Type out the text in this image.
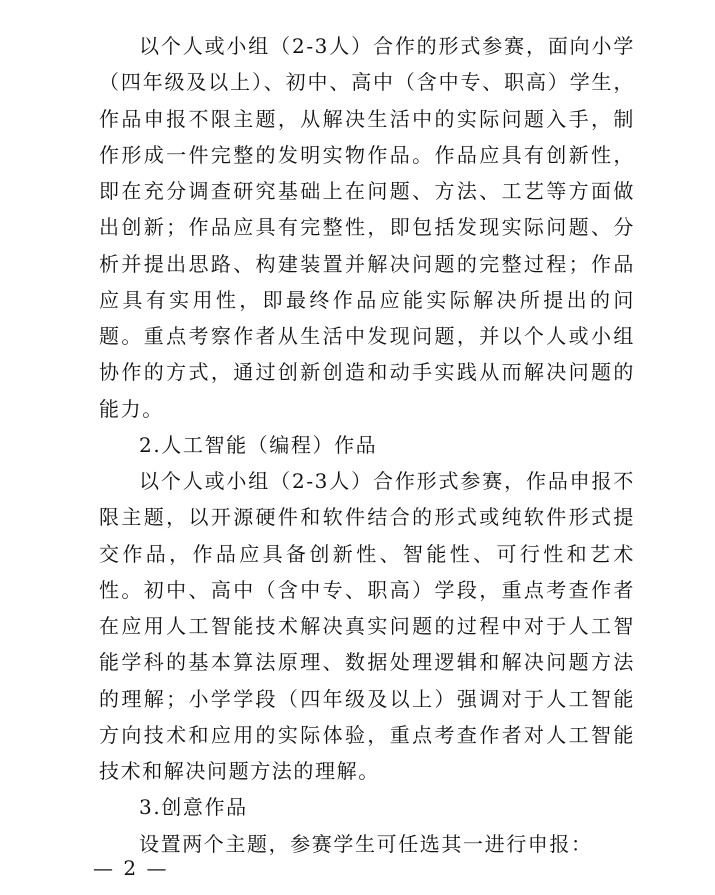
以个人或小组（2-3人）合作的形式参赛，面向小学（四年级及以上）、初中、高中（含中专、职高）学生，作品申报不限主题，从解决生活中的实际问题入手，制作形成一件完整的发明实物作品。作品应具有创新性，即在充分调查研究基础上在问题、方法、工艺等方面做出创新；作品应具有完整性，即包括发现实际问题、分析并提出思路、构建装置并解决问题的完整过程；作品应具有实用性，即最终作品应能实际解决所提出的问题。重点考察作者从生活中发现问题，并以个人或小组协作的方式，通过创新创造和动手实践从而解决问题的能力。

2.人工智能（编程）作品

以个人或小组（2-3人）合作形式参赛，作品申报不限主题，以开源硬件和软件结合的形式或纯软件形式提交作品，作品应具备创新性、智能性、可行性和艺术性。初中、高中（含中专、职高）学段，重点考查作者在应用人工智能技术解决真实问题的过程中对于人工智能学科的基本算法原理、数据处理逻辑和解决问题方法的理解；小学学段（四年级及以上）强调对于人工智能方向技术和应用的实际体验，重点考查作者对人工智能技术和解决问题方法的理解。

3.创意作品

设置两个主题，参赛学生可任选其一进行申报：

— 2 —
